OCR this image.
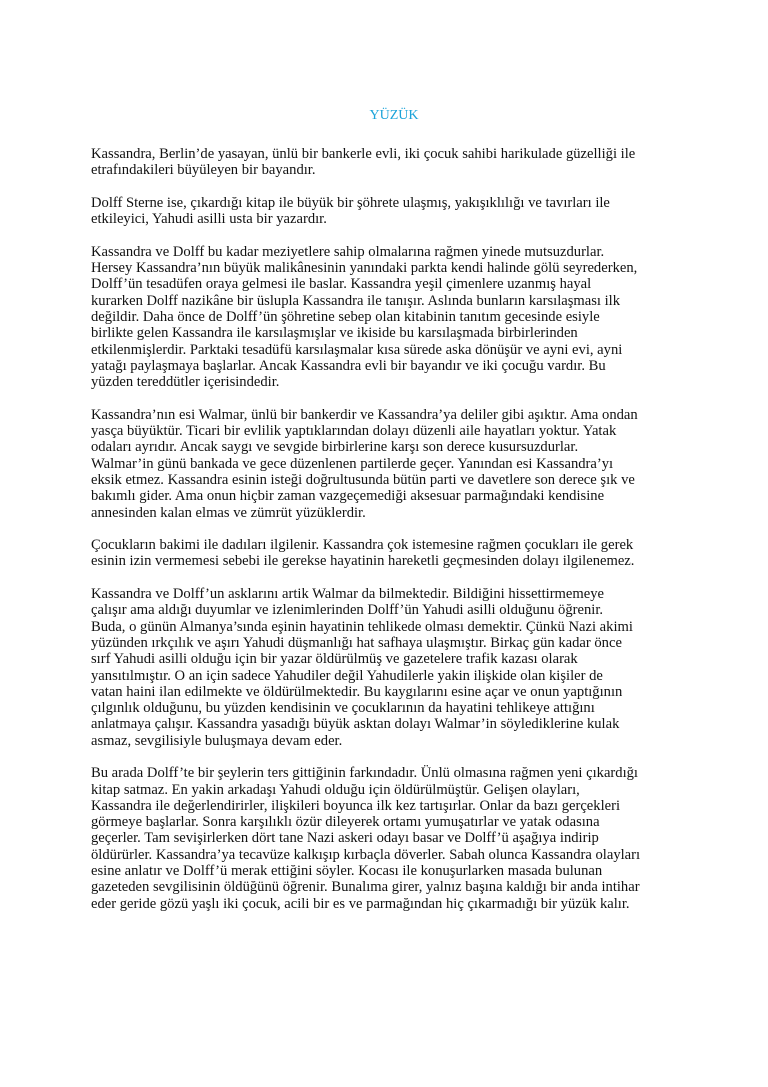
YÜZÜK

Kassandra, Berlin’de yasayan, ünlü bir bankerle evli, iki çocuk sahibi harikulade güzelliği ile
etrafındakileri büyüleyen bir bayandır.

Dolff Sterne ise, çıkardığı kitap ile büyük bir şöhrete ulaşmış, yakışıklılığı ve tavırları ile
etkileyici, Yahudi asilli usta bir yazardır.

Kassandra ve Dolff bu kadar meziyetlere sahip olmalarına rağmen yinede mutsuzdurlar.
Hersey Kassandra’nın büyük malikânesinin yanındaki parkta kendi halinde gölü seyrederken,
Dolff’ün tesadüfen oraya gelmesi ile baslar. Kassandra yeşil çimenlere uzanmış hayal
kurarken Dolff nazikâne bir üslupla Kassandra ile tanışır. Aslında bunların karsılaşması ilk
değildir. Daha önce de Dolff’ün şöhretine sebep olan kitabinin tanıtım gecesinde esiyle
birlikte gelen Kassandra ile karsılaşmışlar ve ikiside bu karsılaşmada birbirlerinden
etkilenmişlerdir. Parktaki tesadüfü karsılaşmalar kısa sürede aska dönüşür ve ayni evi, ayni
yatağı paylaşmaya başlarlar. Ancak Kassandra evli bir bayandır ve iki çocuğu vardır. Bu
yüzden tereddütler içerisindedir.

Kassandra’nın esi Walmar, ünlü bir bankerdir ve Kassandra’ya deliler gibi aşıktır. Ama ondan
yasça büyüktür. Ticari bir evlilik yaptıklarından dolayı düzenli aile hayatları yoktur. Yatak
odaları ayrıdır. Ancak saygı ve sevgide birbirlerine karşı son derece kusursuzdurlar.
Walmar’in günü bankada ve gece düzenlenen partilerde geçer. Yanından esi Kassandra’yı
eksik etmez. Kassandra esinin isteği doğrultusunda bütün parti ve davetlere son derece şık ve
bakımlı gider. Ama onun hiçbir zaman vazgeçemediği aksesuar parmağındaki kendisine
annesinden kalan elmas ve zümrüt yüzüklerdir.

Çocukların bakimi ile dadıları ilgilenir. Kassandra çok istemesine rağmen çocukları ile gerek
esinin izin vermemesi sebebi ile gerekse hayatinin hareketli geçmesinden dolayı ilgilenemez.

Kassandra ve Dolff’un asklarını artik Walmar da bilmektedir. Bildiğini hissettirmemeye
çalışır ama aldığı duyumlar ve izlenimlerinden Dolff’ün Yahudi asilli olduğunu öğrenir.
Buda, o günün Almanya’sında eşinin hayatinin tehlikede olması demektir. Çünkü Nazi akimi
yüzünden ırkçılık ve aşırı Yahudi düşmanlığı hat safhaya ulaşmıştır. Birkaç gün kadar önce
sırf Yahudi asilli olduğu için bir yazar öldürülmüş ve gazetelere trafik kazası olarak
yansıtılmıştır. O an için sadece Yahudiler değil Yahudilerle yakin ilişkide olan kişiler de
vatan haini ilan edilmekte ve öldürülmektedir. Bu kaygılarını esine açar ve onun yaptığının
çılgınlık olduğunu, bu yüzden kendisinin ve çocuklarının da hayatini tehlikeye attığını
anlatmaya çalışır. Kassandra yasadığı büyük asktan dolayı Walmar’in söylediklerine kulak
asmaz, sevgilisiyle buluşmaya devam eder.

Bu arada Dolff’te bir şeylerin ters gittiğinin farkındadır. Ünlü olmasına rağmen yeni çıkardığı
kitap satmaz. En yakin arkadaşı Yahudi olduğu için öldürülmüştür. Gelişen olayları,
Kassandra ile değerlendirirler, ilişkileri boyunca ilk kez tartışırlar. Onlar da bazı gerçekleri
görmeye başlarlar. Sonra karşılıklı özür dileyerek ortamı yumuşatırlar ve yatak odasına
geçerler. Tam sevişirlerken dört tane Nazi askeri odayı basar ve Dolff’ü aşağıya indirip
öldürürler. Kassandra’ya tecavüze kalkışıp kırbaçla döverler. Sabah olunca Kassandra olayları
esine anlatır ve Dolff’ü merak ettiğini söyler. Kocası ile konuşurlarken masada bulunan
gazeteden sevgilisinin öldüğünü öğrenir. Bunalıma girer, yalnız başına kaldığı bir anda intihar
eder geride gözü yaşlı iki çocuk, acili bir es ve parmağından hiç çıkarmadığı bir yüzük kalır.
